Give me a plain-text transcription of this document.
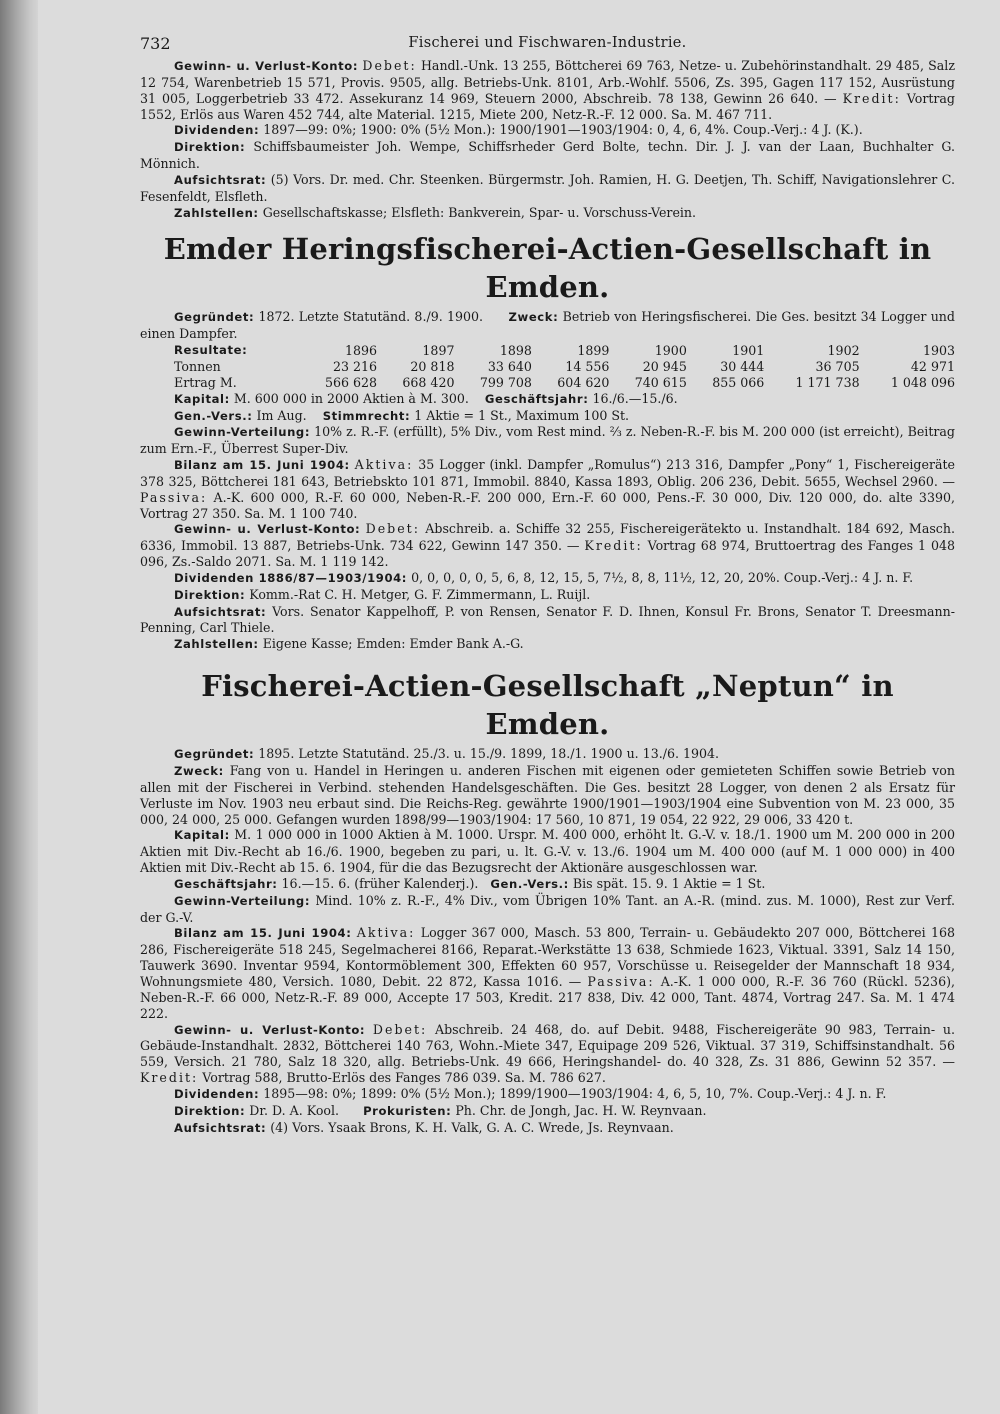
732	Fischerei und Fischwaren-Industrie.

Gewinn- u. Verlust-Konto: Debet: Handl.-Unk. 13 255, Böttcherei 69 763, Netze- u. Zubehörinstandhalt. 29 485, Salz 12 754, Warenbetrieb 15 571, Provis. 9505, allg. Betriebs-Unk. 8101, Arb.-Wohlf. 5506, Zs. 395, Gagen 117 152, Ausrüstung 31 005, Loggerbetrieb 33 472. Assekuranz 14 969, Steuern 2000, Abschreib. 78 138, Gewinn 26 640. — Kredit: Vortrag 1552, Erlös aus Waren 452 744, alte Material. 1215, Miete 200, Netz-R.-F. 12 000. Sa. M. 467 711.

Dividenden: 1897—99: 0%; 1900: 0% (5½ Mon.): 1900/1901—1903/1904: 0, 4, 6, 4%. Coup.-Verj.: 4 J. (K.).

Direktion: Schiffsbaumeister Joh. Wempe, Schiffsrheder Gerd Bolte, techn. Dir. J. J. van der Laan, Buchhalter G. Mönnich.

Aufsichtsrat: (5) Vors. Dr. med. Chr. Steenken. Bürgermstr. Joh. Ramien, H. G. Deetjen, Th. Schiff, Navigationslehrer C. Fesenfeldt, Elsfleth.

Zahlstellen: Gesellschaftskasse; Elsfleth: Bankverein, Spar- u. Vorschuss-Verein.

Emder Heringsfischerei-Actien-Gesellschaft in Emden.

Gegründet: 1872. Letzte Statutänd. 8./9. 1900. Zweck: Betrieb von Heringsfischerei. Die Ges. besitzt 34 Logger und einen Dampfer.

Resultate:	1896	1897	1898	1899	1900	1901	1902	1903
Tonnen	23 216	20 818	33 640	14 556	20 945	30 444	36 705	42 971
Ertrag M.	566 628	668 420	799 708	604 620	740 615	855 066	1 171 738	1 048 096

Kapital: M. 600 000 in 2000 Aktien à M. 300. Geschäftsjahr: 16./6.—15./6.

Gen.-Vers.: Im Aug. Stimmrecht: 1 Aktie = 1 St., Maximum 100 St.

Gewinn-Verteilung: 10% z. R.-F. (erfüllt), 5% Div., vom Rest mind. ⅔ z. Neben-R.-F. bis M. 200 000 (ist erreicht), Beitrag zum Ern.-F., Überrest Super-Div.

Bilanz am 15. Juni 1904: Aktiva: 35 Logger (inkl. Dampfer „Romulus“) 213 316, Dampfer „Pony“ 1, Fischereigeräte 378 325, Böttcherei 181 643, Betriebskto 101 871, Immobil. 8840, Kassa 1893, Oblig. 206 236, Debit. 5655, Wechsel 2960. — Passiva: A.-K. 600 000, R.-F. 60 000, Neben-R.-F. 200 000, Ern.-F. 60 000, Pens.-F. 30 000, Div. 120 000, do. alte 3390, Vortrag 27 350. Sa. M. 1 100 740.

Gewinn- u. Verlust-Konto: Debet: Abschreib. a. Schiffe 32 255, Fischereigerätekto u. Instandhalt. 184 692, Masch. 6336, Immobil. 13 887, Betriebs-Unk. 734 622, Gewinn 147 350. — Kredit: Vortrag 68 974, Bruttoertrag des Fanges 1 048 096, Zs.-Saldo 2071. Sa. M. 1 119 142.

Dividenden 1886/87—1903/1904: 0, 0, 0, 0, 0, 5, 6, 8, 12, 15, 5, 7½, 8, 8, 11½, 12, 20, 20%. Coup.-Verj.: 4 J. n. F.

Direktion: Komm.-Rat C. H. Metger, G. F. Zimmermann, L. Ruijl.

Aufsichtsrat: Vors. Senator Kappelhoff, P. von Rensen, Senator F. D. Ihnen, Konsul Fr. Brons, Senator T. Dreesmann-Penning, Carl Thiele.

Zahlstellen: Eigene Kasse; Emden: Emder Bank A.-G.

Fischerei-Actien-Gesellschaft „Neptun“ in Emden.

Gegründet: 1895. Letzte Statutänd. 25./3. u. 15./9. 1899, 18./1. 1900 u. 13./6. 1904.

Zweck: Fang von u. Handel in Heringen u. anderen Fischen mit eigenen oder gemieteten Schiffen sowie Betrieb von allen mit der Fischerei in Verbind. stehenden Handelsgeschäften. Die Ges. besitzt 28 Logger, von denen 2 als Ersatz für Verluste im Nov. 1903 neu erbaut sind. Die Reichs-Reg. gewährte 1900/1901—1903/1904 eine Subvention von M. 23 000, 35 000, 24 000, 25 000. Gefangen wurden 1898/99—1903/1904: 17 560, 10 871, 19 054, 22 922, 29 006, 33 420 t.

Kapital: M. 1 000 000 in 1000 Aktien à M. 1000. Urspr. M. 400 000, erhöht lt. G.-V. v. 18./1. 1900 um M. 200 000 in 200 Aktien mit Div.-Recht ab 16./6. 1900, begeben zu pari, u. lt. G.-V. v. 13./6. 1904 um M. 400 000 (auf M. 1 000 000) in 400 Aktien mit Div.-Recht ab 15. 6. 1904, für die das Bezugsrecht der Aktionäre ausgeschlossen war.

Geschäftsjahr: 16.—15. 6. (früher Kalenderj.). Gen.-Vers.: Bis spät. 15. 9. 1 Aktie = 1 St.

Gewinn-Verteilung: Mind. 10% z. R.-F., 4% Div., vom Übrigen 10% Tant. an A.-R. (mind. zus. M. 1000), Rest zur Verf. der G.-V.

Bilanz am 15. Juni 1904: Aktiva: Logger 367 000, Masch. 53 800, Terrain- u. Gebäudekto 207 000, Böttcherei 168 286, Fischereigeräte 518 245, Segelmacherei 8166, Reparat.-Werkstätte 13 638, Schmiede 1623, Viktual. 3391, Salz 14 150, Tauwerk 3690. Inventar 9594, Kontormöblement 300, Effekten 60 957, Vorschüsse u. Reisegelder der Mannschaft 18 934, Wohnungsmiete 480, Versich. 1080, Debit. 22 872, Kassa 1016. — Passiva: A.-K. 1 000 000, R.-F. 36 760 (Rückl. 5236), Neben-R.-F. 66 000, Netz-R.-F. 89 000, Accepte 17 503, Kredit. 217 838, Div. 42 000, Tant. 4874, Vortrag 247. Sa. M. 1 474 222.

Gewinn- u. Verlust-Konto: Debet: Abschreib. 24 468, do. auf Debit. 9488, Fischereigeräte 90 983, Terrain- u. Gebäude-Instandhalt. 2832, Böttcherei 140 763, Wohn.-Miete 347, Equipage 209 526, Viktual. 37 319, Schiffsinstandhalt. 56 559, Versich. 21 780, Salz 18 320, allg. Betriebs-Unk. 49 666, Heringshandel- do. 40 328, Zs. 31 886, Gewinn 52 357. — Kredit: Vortrag 588, Brutto-Erlös des Fanges 786 039. Sa. M. 786 627.

Dividenden: 1895—98: 0%; 1899: 0% (5½ Mon.); 1899/1900—1903/1904: 4, 6, 5, 10, 7%. Coup.-Verj.: 4 J. n. F.

Direktion: Dr. D. A. Kool. Prokuristen: Ph. Chr. de Jongh, Jac. H. W. Reynvaan.

Aufsichtsrat: (4) Vors. Ysaak Brons, K. H. Valk, G. A. C. Wrede, Js. Reynvaan.
